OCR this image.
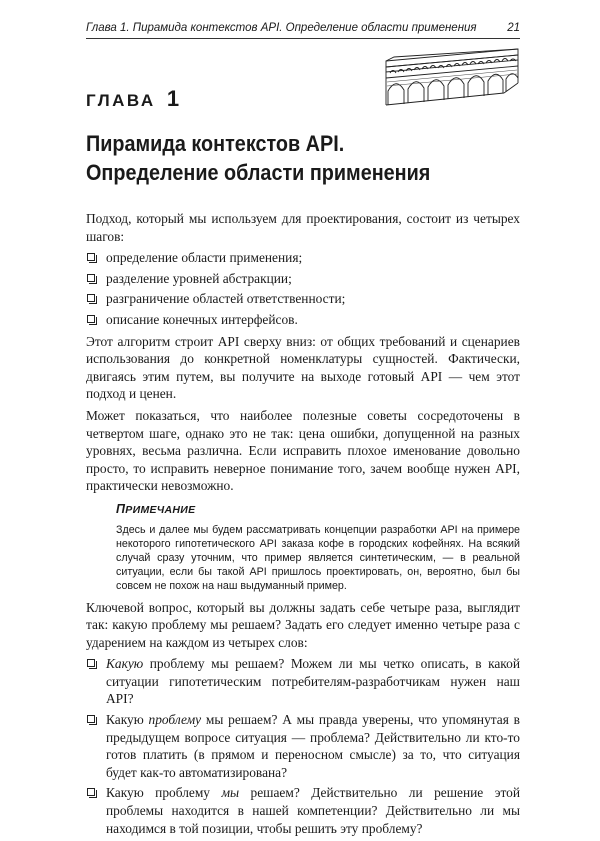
Глава 1. Пирамида контекстов API. Определение области применения	21
ГЛАВА 1
Пирамида контекстов API.
Определение области применения

Подход, который мы используем для проектирования, состоит из четырех шагов:

определение области применения;
разделение уровней абстракции;
разграничение областей ответственности;
описание конечных интерфейсов.

Этот алгоритм строит API сверху вниз: от общих требований и сценариев использования до конкретной номенклатуры сущностей. Фактически, двигаясь этим путем, вы получите на выходе готовый API — чем этот подход и ценен.

Может показаться, что наиболее полезные советы сосредоточены в четвертом шаге, однако это не так: цена ошибки, допущенной на разных уровнях, весьма различна. Если исправить плохое именование довольно просто, то исправить неверное понимание того, зачем вообще нужен API, практически невозможно.

ПРИМЕЧАНИЕ

Здесь и далее мы будем рассматривать концепции разработки API на примере некоторого гипотетического API заказа кофе в городских кофейнях. На всякий случай сразу уточним, что пример является синтетическим, — в реальной ситуации, если бы такой API пришлось проектировать, он, вероятно, был бы совсем не похож на наш выдуманный пример.

Ключевой вопрос, который вы должны задать себе четыре раза, выглядит так: какую проблему мы решаем? Задать его следует именно четыре раза с ударением на каждом из четырех слов:

Какую проблему мы решаем? Можем ли мы четко описать, в какой ситуации гипотетическим потребителям-разработчикам нужен наш API?
Какую проблему мы решаем? А мы правда уверены, что упомянутая в предыдущем вопросе ситуация — проблема? Действительно ли кто-то готов платить (в прямом и переносном смысле) за то, что ситуация будет как-то автоматизирована?
Какую проблему мы решаем? Действительно ли решение этой проблемы находится в нашей компетенции? Действительно ли мы находимся в той позиции, чтобы решить эту проблему?
